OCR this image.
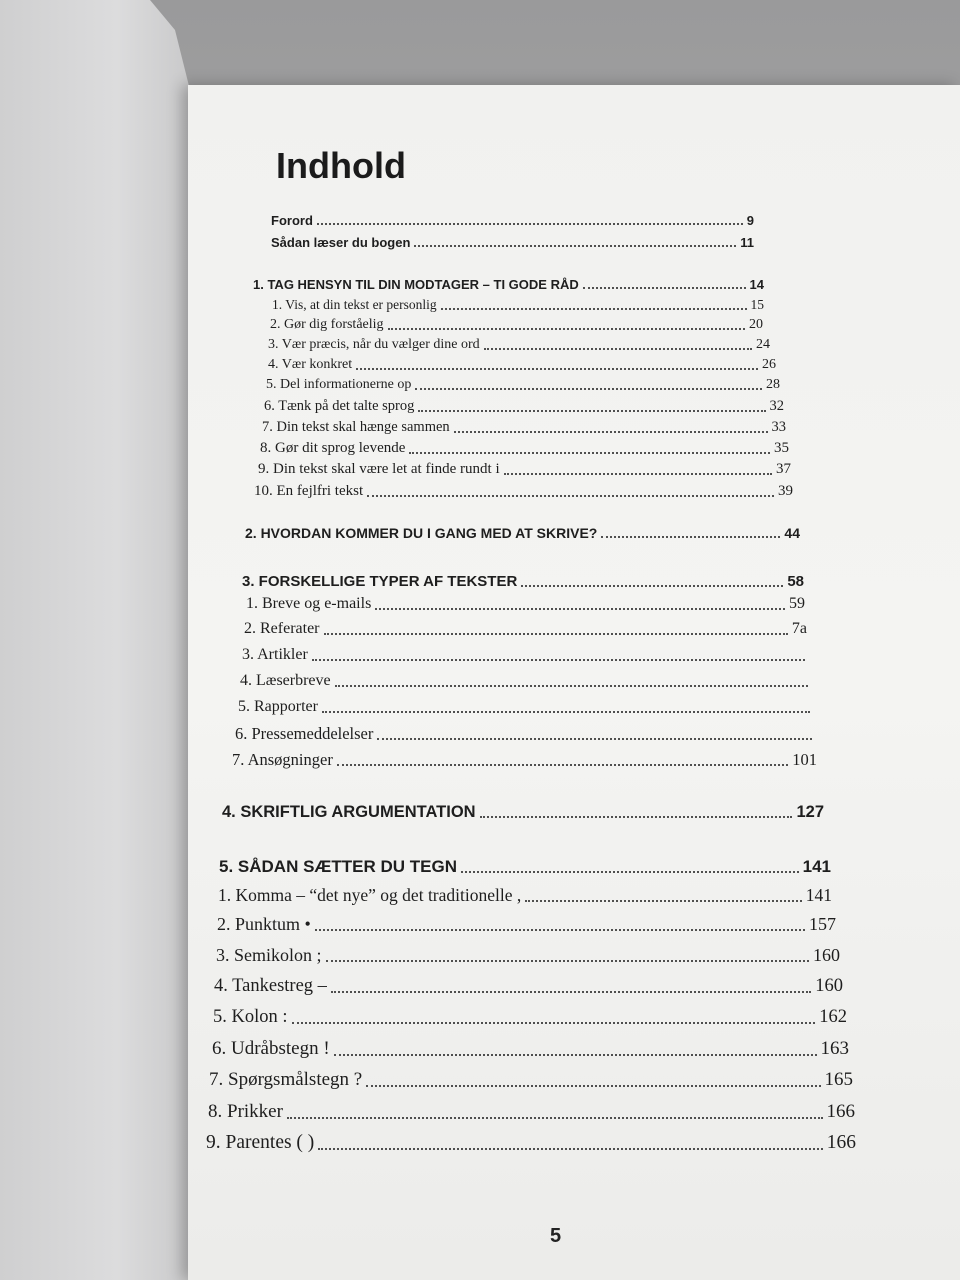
Indhold
Forord	9
Sådan læser du bogen	11
1. TAG HENSYN TIL DIN MODTAGER – TI GODE RÅD	14
1. Vis, at din tekst er personlig	15
2. Gør dig forståelig	20
3. Vær præcis, når du vælger dine ord	24
4. Vær konkret	26
5. Del informationerne op	28
6. Tænk på det talte sprog	32
7. Din tekst skal hænge sammen	33
8. Gør dit sprog levende	35
9. Din tekst skal være let at finde rundt i	37
10. En fejlfri tekst	39
2. HVORDAN KOMMER DU I GANG MED AT SKRIVE?	44
3. FORSKELLIGE TYPER AF TEKSTER	58
1. Breve og e-mails	59
2. Referater	7a
3. Artikler
4. Læserbreve
5. Rapporter
6. Pressemeddelelser
7. Ansøgninger	101
4. SKRIFTLIG ARGUMENTATION	127
5. SÅDAN SÆTTER DU TEGN	141
1. Komma – “det nye” og det traditionelle ,	141
2. Punktum •	157
3. Semikolon ;	160
4. Tankestreg –	160
5. Kolon :	162
6. Udråbstegn !	163
7. Spørgsmålstegn ?	165
8. Prikker	166
9. Parentes ( )	166
5
